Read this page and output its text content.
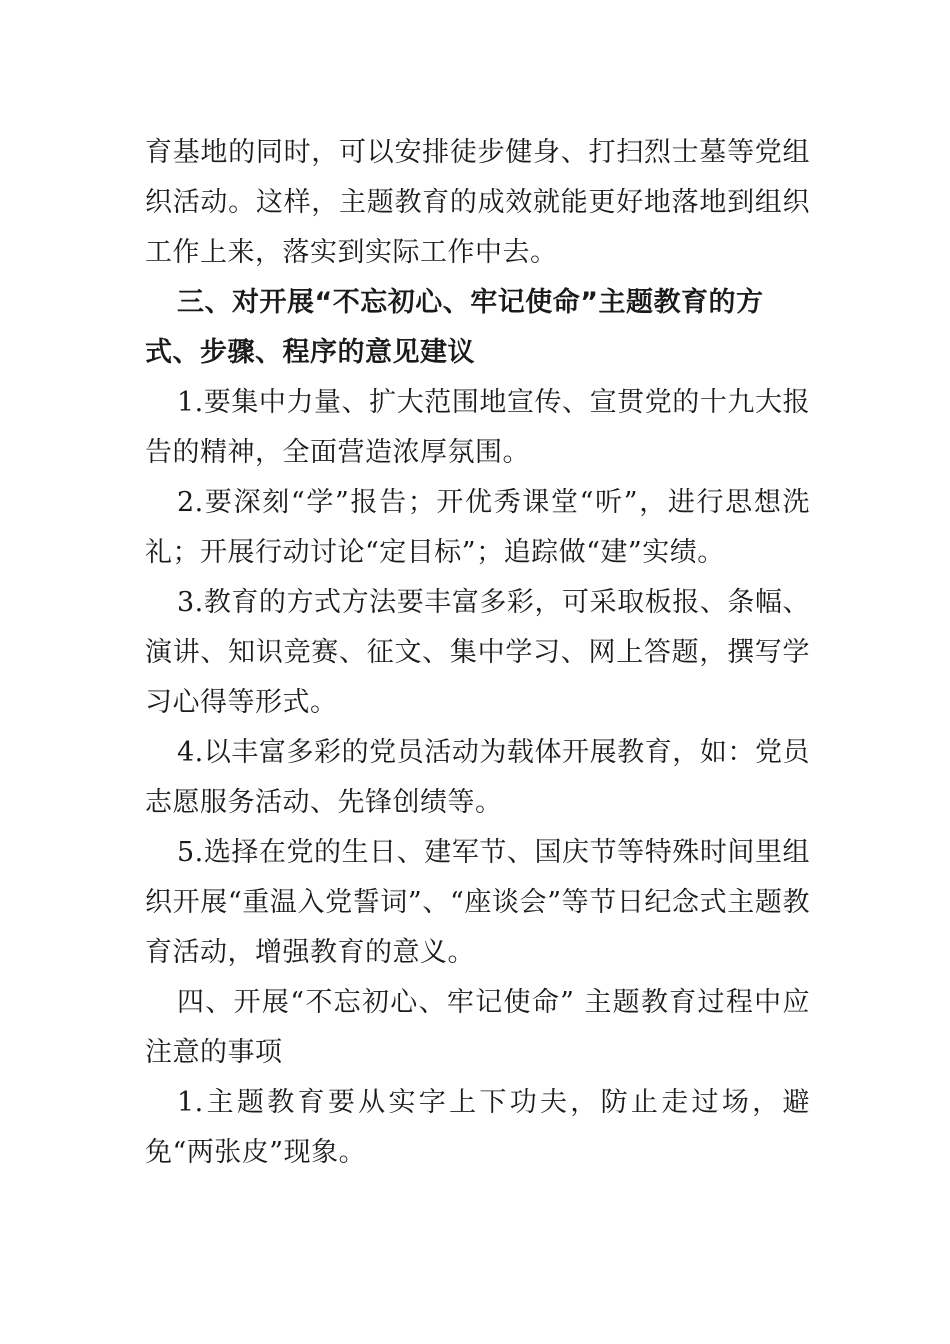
育基地的同时，可以安排徒步健身、打扫烈士墓等党组织活动。这样，主题教育的成效就能更好地落地到组织工作上来，落实到实际工作中去。

三、对开展“不忘初心、牢记使命”主题教育的方式、步骤、程序的意见建议

1.要集中力量、扩大范围地宣传、宣贯党的十九大报告的精神，全面营造浓厚氛围。

2.要深刻“学”报告；开优秀课堂“听”，进行思想洗礼；开展行动讨论“定目标”；追踪做“建”实绩。

3.教育的方式方法要丰富多彩，可采取板报、条幅、演讲、知识竞赛、征文、集中学习、网上答题，撰写学习心得等形式。

4.以丰富多彩的党员活动为载体开展教育，如：党员志愿服务活动、先锋创绩等。

5.选择在党的生日、建军节、国庆节等特殊时间里组织开展“重温入党誓词”、“座谈会”等节日纪念式主题教育活动，增强教育的意义。

四、开展“不忘初心、牢记使命” 主题教育过程中应注意的事项

1.主题教育要从实字上下功夫，防止走过场，避免“两张皮”现象。
